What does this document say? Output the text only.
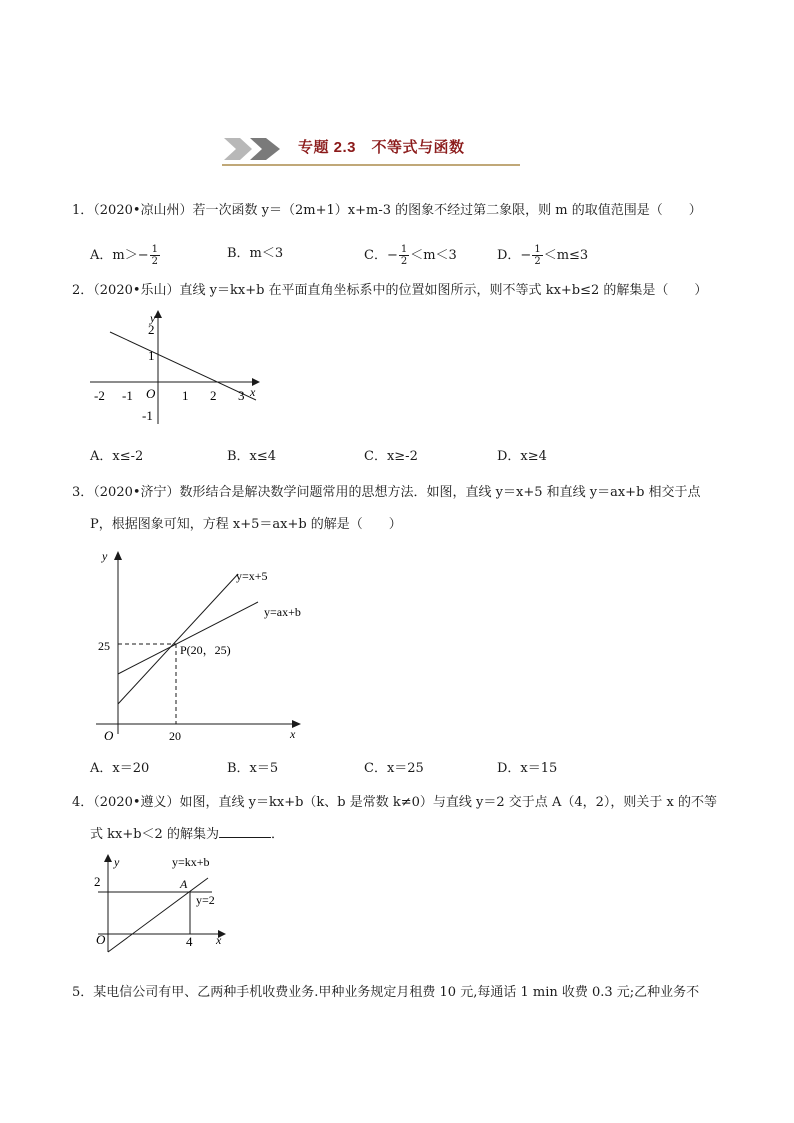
专题 2.3　不等式与函数
1．（2020•凉山州）若一次函数 y＝（2m+1）x+m-3 的图象不经过第二象限，则 m 的取值范围是（　　）
A．$m>- \frac{1}{2}$	B．m＜3	C．− $\frac{1}{2} <m<3$	D．− $\frac{1}{2} <m\le 3$
2．（2020•乐山）直线 y＝kx+b 在平面直角坐标系中的位置如图所示，则不等式 kx+b≤2 的解集是（　　）
y
x
O
-2 -1	1 2 3
2
1
-1
A．x≤-2	B．x≤4	C．x≥-2	D．x≥4
3．（2020•济宁）数形结合是解决数学问题常用的思想方法．如图，直线 y＝x+5 和直线 y＝ax+b 相交于点
P，根据图象可知，方程 x+5＝ax+b 的解是（　　）
y
x
O
y=x+5
y=ax+b
P(20，25)
25
20
A．x＝20	B．x＝5	C．x＝25	D．x＝15
4．（2020•遵义）如图，直线 y＝kx+b（k、b 是常数 k≠0）与直线 y＝2 交于点 A（4，2），则关于 x 的不等
式 kx+b＜2 的解集为	．
y
x
O
y=kx+b
y=2
A
2
4
5．某电信公司有甲、乙两种手机收费业务.甲种业务规定月租费 10 元,每通话 1 min 收费 0.3 元;乙种业务不
